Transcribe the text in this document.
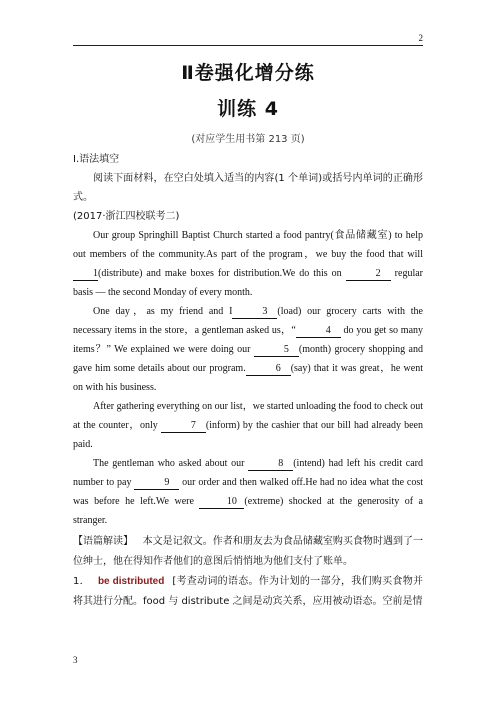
2
Ⅱ卷强化增分练
训练 4
(对应学生用书第 213 页)

Ⅰ.语法填空

阅读下面材料，在空白处填入适当的内容(1 个单词)或括号内单词的正确形式。

(2017·浙江四校联考二)

Our group Springhill Baptist Church started a food pantry(食品储藏室) to help out members of the community.As part of the program，we buy the food that will 1(distribute) and make boxes for distribution.We do this on	2 regular basis — the second Monday of every month.

One day，as my friend and I	3 (load) our grocery carts with the necessary items in the store，a gentleman asked us，“	4 do you get so many items？” We explained we were doing our	5 (month) grocery shopping and gave him some details about our program.	6 (say) that it was great，he went on with his business.

After gathering everything on our list，we started unloading the food to check out at the counter，only	7 (inform) by the cashier that our bill had already been paid.

The gentleman who asked about our	8 (intend) had left his credit card number to pay	9 our order and then walked off.He had no idea what the cost was before he left.We were	10 (extreme) shocked at the generosity of a stranger.

【语篇解读】 本文是记叙文。作者和朋友去为食品储藏室购买食物时遇到了一位绅士，他在得知作者他们的意图后悄悄地为他们支付了账单。

1． be distributed [考查动词的语态。作为计划的一部分，我们购买食物并将其进行分配。food 与 distribute 之间是动宾关系，应用被动语态。空前是情

3
